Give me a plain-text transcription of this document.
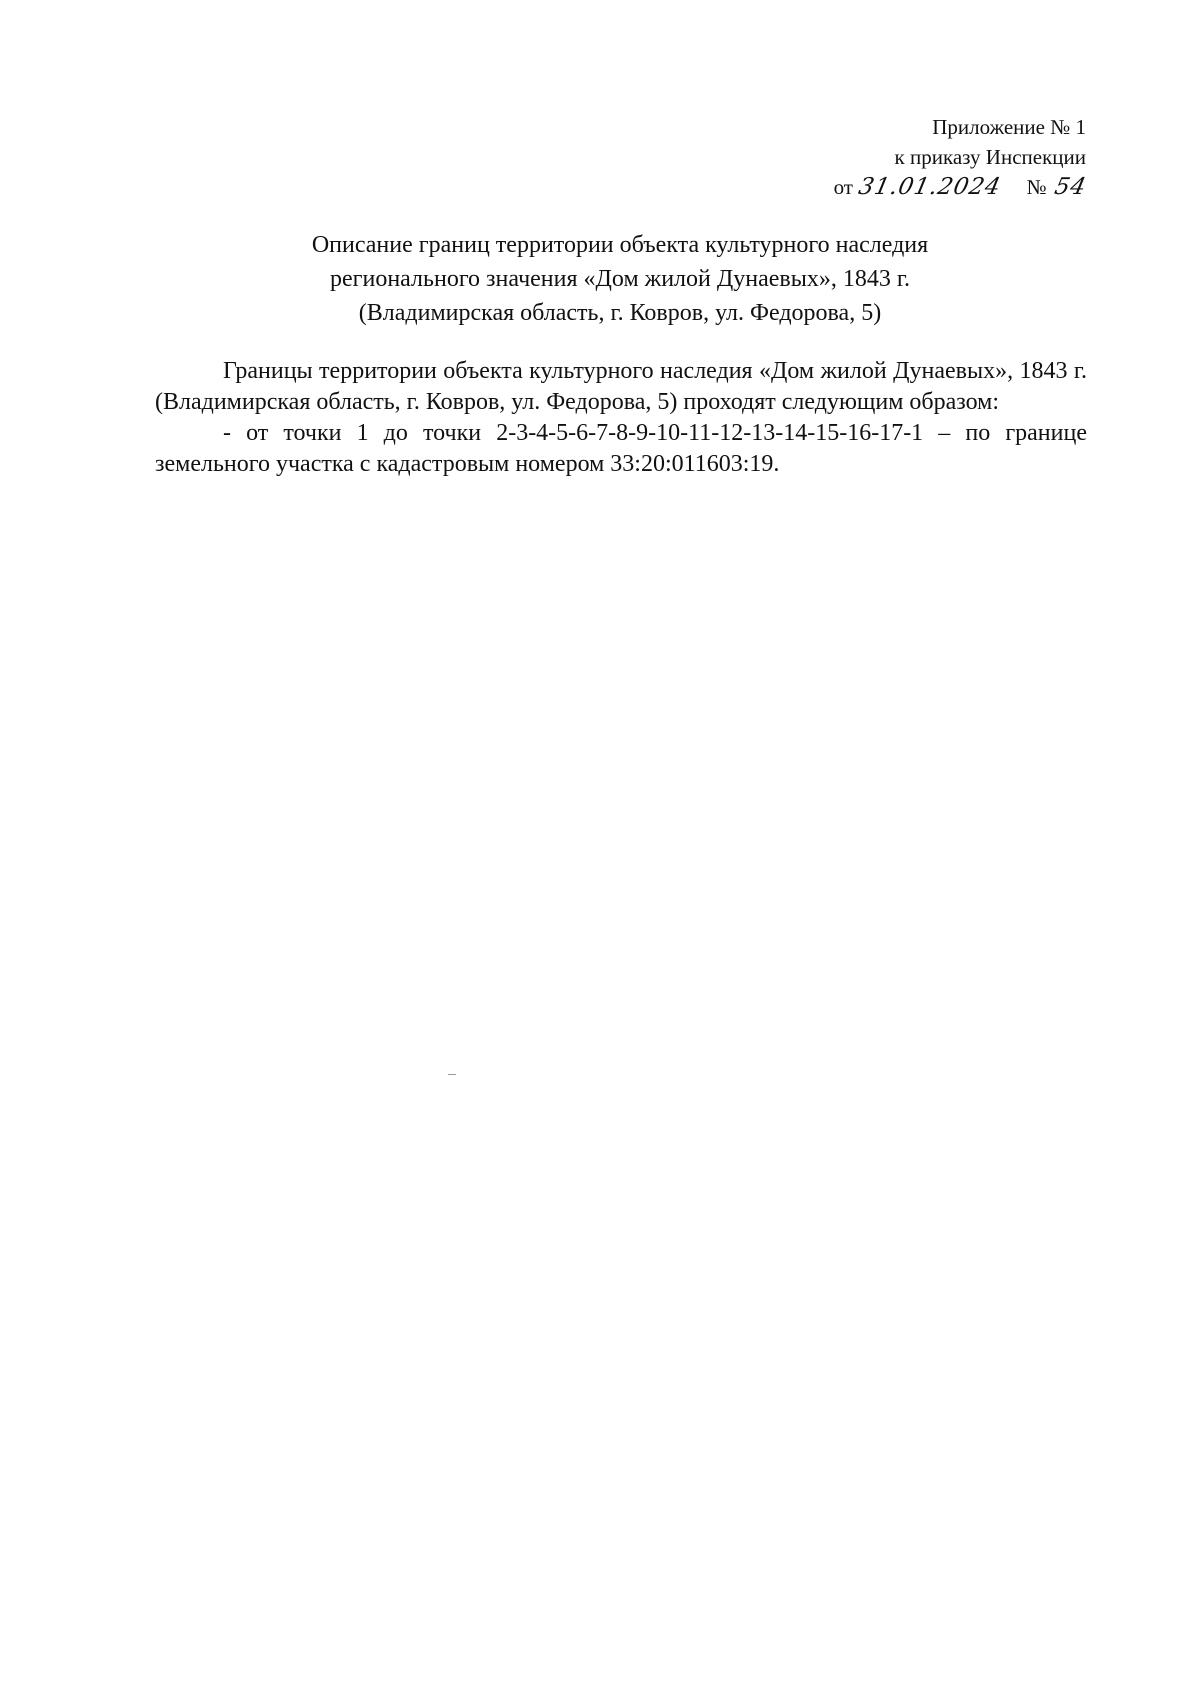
Приложение № 1
к приказу Инспекции
от 31.01.2024 № 54
Описание границ территории объекта культурного наследия
регионального значения «Дом жилой Дунаевых», 1843 г.
(Владимирская область, г. Ковров, ул. Федорова, 5)

Границы территории объекта культурного наследия «Дом жилой Дунаевых», 1843 г. (Владимирская область, г. Ковров, ул. Федорова, 5) проходят следующим образом:

- от точки 1 до точки 2-3-4-5-6-7-8-9-10-11-12-13-14-15-16-17-1 – по границе земельного участка с кадастровым номером 33:20:011603:19.
